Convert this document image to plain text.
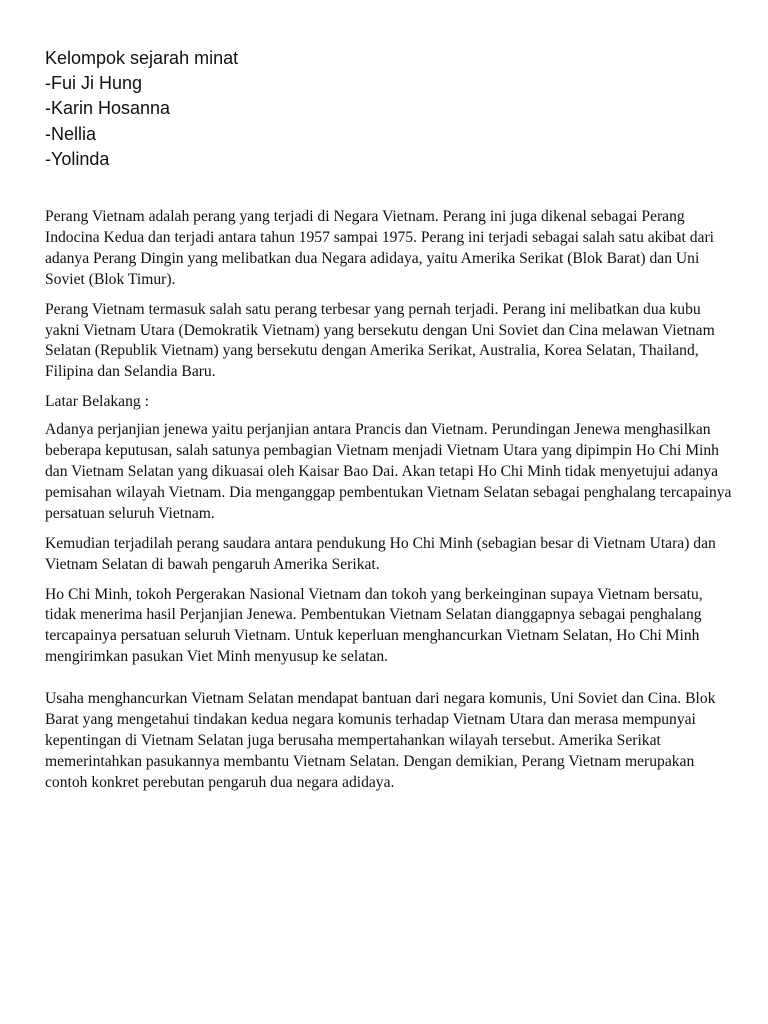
Kelompok sejarah minat
-Fui Ji Hung
-Karin Hosanna
-Nellia
-Yolinda

Perang Vietnam adalah perang yang terjadi di Negara Vietnam. Perang ini juga dikenal sebagai Perang Indocina Kedua dan terjadi antara tahun 1957 sampai 1975. Perang ini terjadi sebagai salah satu akibat dari adanya Perang Dingin yang melibatkan dua Negara adidaya, yaitu Amerika Serikat (Blok Barat) dan Uni Soviet (Blok Timur).

Perang Vietnam termasuk salah satu perang terbesar yang pernah terjadi. Perang ini melibatkan dua kubu yakni Vietnam Utara (Demokratik Vietnam) yang bersekutu dengan Uni Soviet dan Cina melawan Vietnam Selatan (Republik Vietnam) yang bersekutu dengan Amerika Serikat, Australia, Korea Selatan, Thailand, Filipina dan Selandia Baru.

Latar Belakang :

Adanya perjanjian jenewa yaitu perjanjian antara Prancis dan Vietnam. Perundingan Jenewa menghasilkan beberapa keputusan, salah satunya pembagian Vietnam menjadi Vietnam Utara yang dipimpin Ho Chi Minh dan Vietnam Selatan yang dikuasai oleh Kaisar Bao Dai. Akan tetapi Ho Chi Minh tidak menyetujui adanya pemisahan wilayah Vietnam. Dia menganggap pembentukan Vietnam Selatan sebagai penghalang tercapainya persatuan seluruh Vietnam.

Kemudian terjadilah perang saudara antara pendukung Ho Chi Minh (sebagian besar di Vietnam Utara) dan Vietnam Selatan di bawah pengaruh Amerika Serikat.

Ho Chi Minh, tokoh Pergerakan Nasional Vietnam dan tokoh yang berkeinginan supaya Vietnam bersatu, tidak menerima hasil Perjanjian Jenewa. Pembentukan Vietnam Selatan dianggapnya sebagai penghalang tercapainya persatuan seluruh Vietnam. Untuk keperluan menghancurkan Vietnam Selatan, Ho Chi Minh mengirimkan pasukan Viet Minh menyusup ke selatan.

Usaha menghancurkan Vietnam Selatan mendapat bantuan dari negara komunis, Uni Soviet dan Cina. Blok Barat yang mengetahui tindakan kedua negara komunis terhadap Vietnam Utara dan merasa mempunyai kepentingan di Vietnam Selatan juga berusaha mempertahankan wilayah tersebut. Amerika Serikat memerintahkan pasukannya membantu Vietnam Selatan. Dengan demikian, Perang Vietnam merupakan contoh konkret perebutan pengaruh dua negara adidaya.
